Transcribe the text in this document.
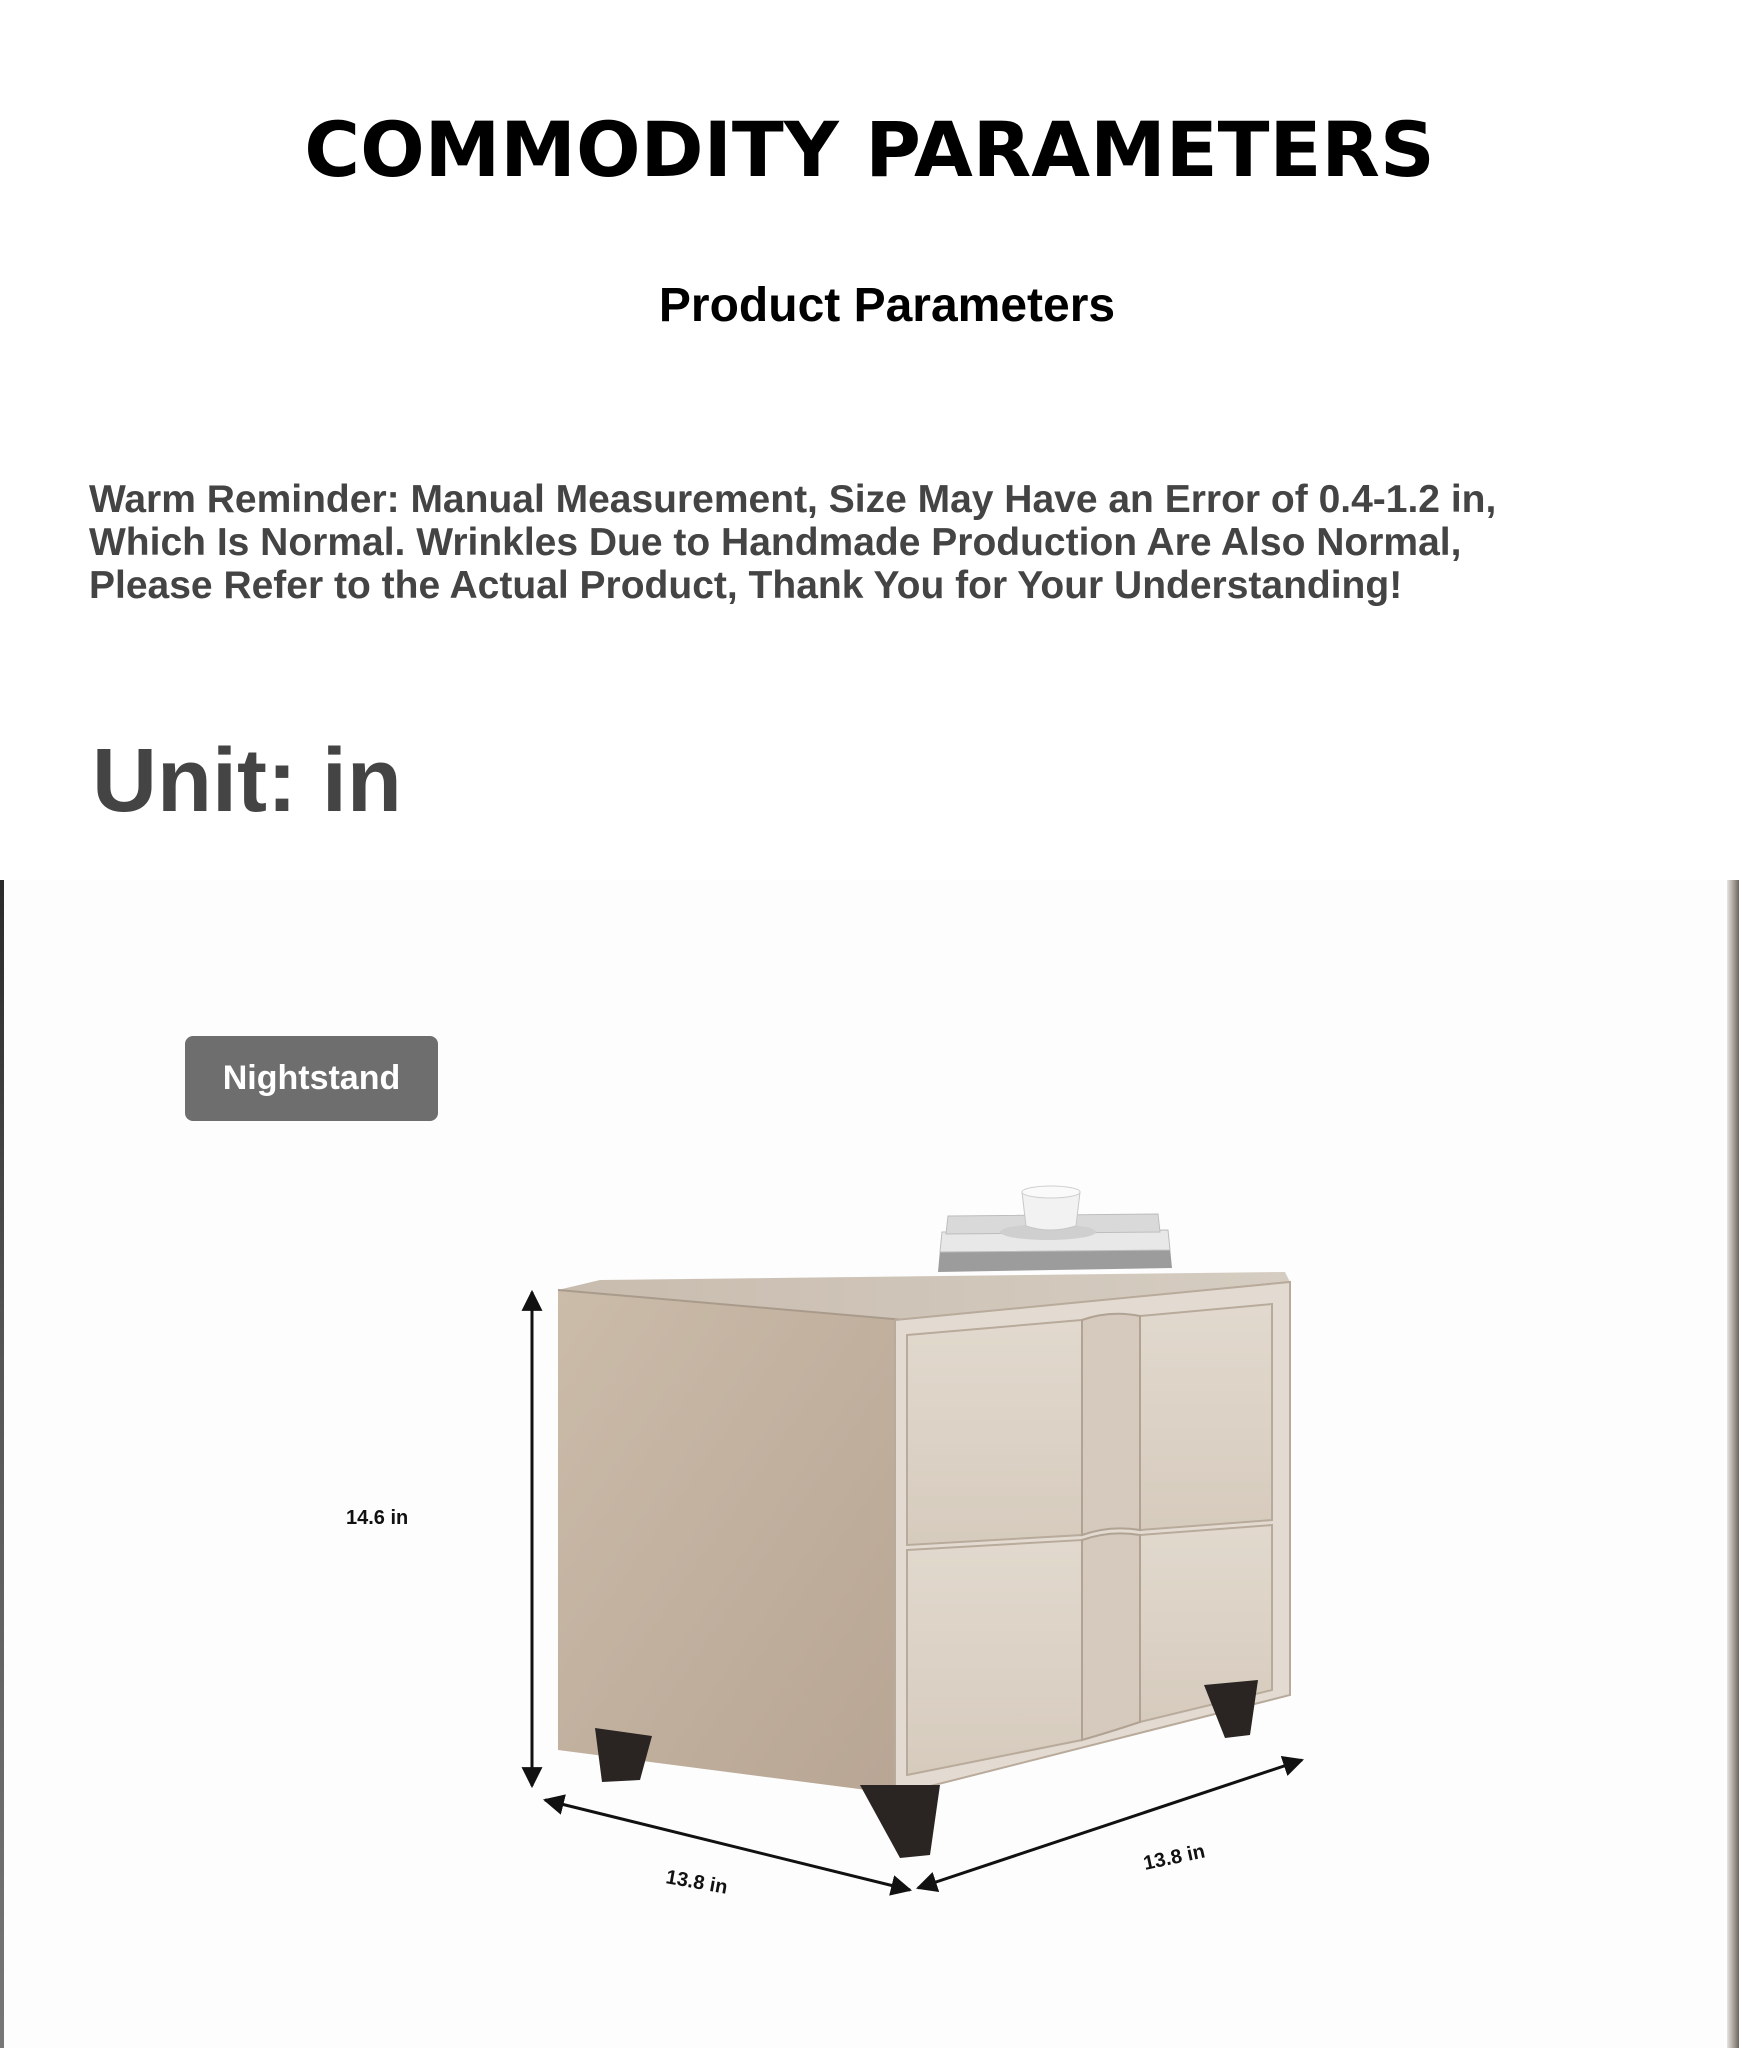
COMMODITY PARAMETERS
Product Parameters
Warm Reminder: Manual Measurement, Size May Have an Error of 0.4-1.2 in, Which Is Normal. Wrinkles Due to Handmade Production Are Also Normal, Please Refer to the Actual Product, Thank You for Your Understanding!
Unit: in
Nightstand
14.6 in
13.8 in
13.8 in
